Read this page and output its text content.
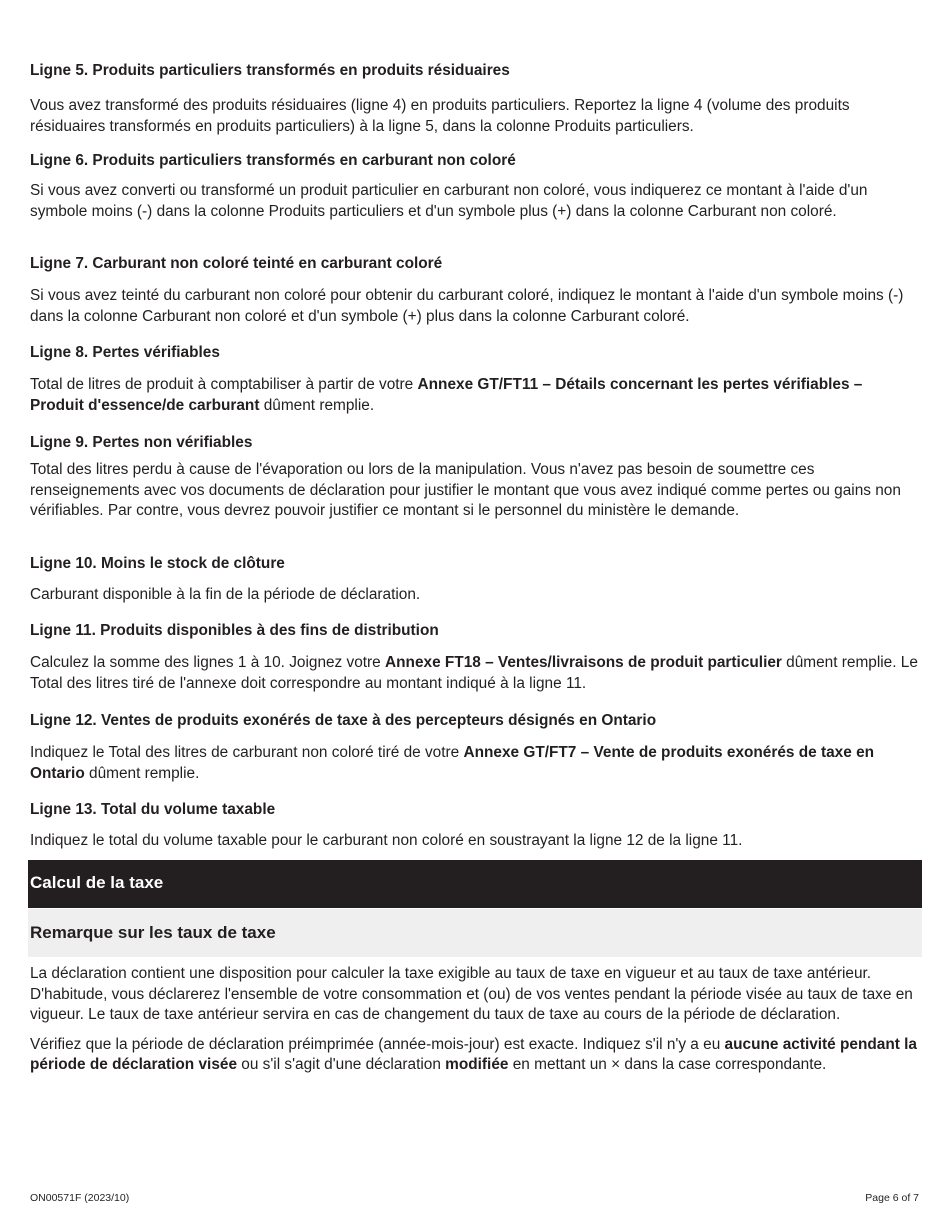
Ligne 5. Produits particuliers transformés en produits résiduaires

Vous avez transformé des produits résiduaires (ligne 4) en produits particuliers. Reportez la ligne 4 (volume des produits résiduaires transformés en produits particuliers) à la ligne 5, dans la colonne Produits particuliers.

Ligne 6. Produits particuliers transformés en carburant non coloré

Si vous avez converti ou transformé un produit particulier en carburant non coloré, vous indiquerez ce montant à l'aide d'un symbole moins (-) dans la colonne Produits particuliers et d'un symbole plus (+) dans la colonne Carburant non coloré.

Ligne 7. Carburant non coloré teinté en carburant coloré

Si vous avez teinté du carburant non coloré pour obtenir du carburant coloré, indiquez le montant à l'aide d'un symbole moins (-) dans la colonne Carburant non coloré et d'un symbole (+) plus dans la colonne Carburant coloré.

Ligne 8. Pertes vérifiables

Total de litres de produit à comptabiliser à partir de votre Annexe GT/FT11 – Détails concernant les pertes vérifiables – Produit d'essence/de carburant dûment remplie.

Ligne 9. Pertes non vérifiables

Total des litres perdu à cause de l'évaporation ou lors de la manipulation. Vous n'avez pas besoin de soumettre ces renseignements avec vos documents de déclaration pour justifier le montant que vous avez indiqué comme pertes ou gains non vérifiables. Par contre, vous devrez pouvoir justifier ce montant si le personnel du ministère le demande.

Ligne 10. Moins le stock de clôture

Carburant disponible à la fin de la période de déclaration.

Ligne 11. Produits disponibles à des fins de distribution

Calculez la somme des lignes 1 à 10. Joignez votre Annexe FT18 – Ventes/livraisons de produit particulier dûment remplie. Le Total des litres tiré de l'annexe doit correspondre au montant indiqué à la ligne 11.

Ligne 12. Ventes de produits exonérés de taxe à des percepteurs désignés en Ontario

Indiquez le Total des litres de carburant non coloré tiré de votre Annexe GT/FT7 – Vente de produits exonérés de taxe en Ontario dûment remplie.

Ligne 13. Total du volume taxable

Indiquez le total du volume taxable pour le carburant non coloré en soustrayant la ligne 12 de la ligne 11.

Calcul de la taxe
Remarque sur les taux de taxe

La déclaration contient une disposition pour calculer la taxe exigible au taux de taxe en vigueur et au taux de taxe antérieur. D'habitude, vous déclarerez l'ensemble de votre consommation et (ou) de vos ventes pendant la période visée au taux de taxe en vigueur. Le taux de taxe antérieur servira en cas de changement du taux de taxe au cours de la période de déclaration.

Vérifiez que la période de déclaration préimprimée (année-mois-jour) est exacte. Indiquez s'il n'y a eu aucune activité pendant la période de déclaration visée ou s'il s'agit d'une déclaration modifiée en mettant un × dans la case correspondante.

ON00571F (2023/10)	Page 6 of 7
